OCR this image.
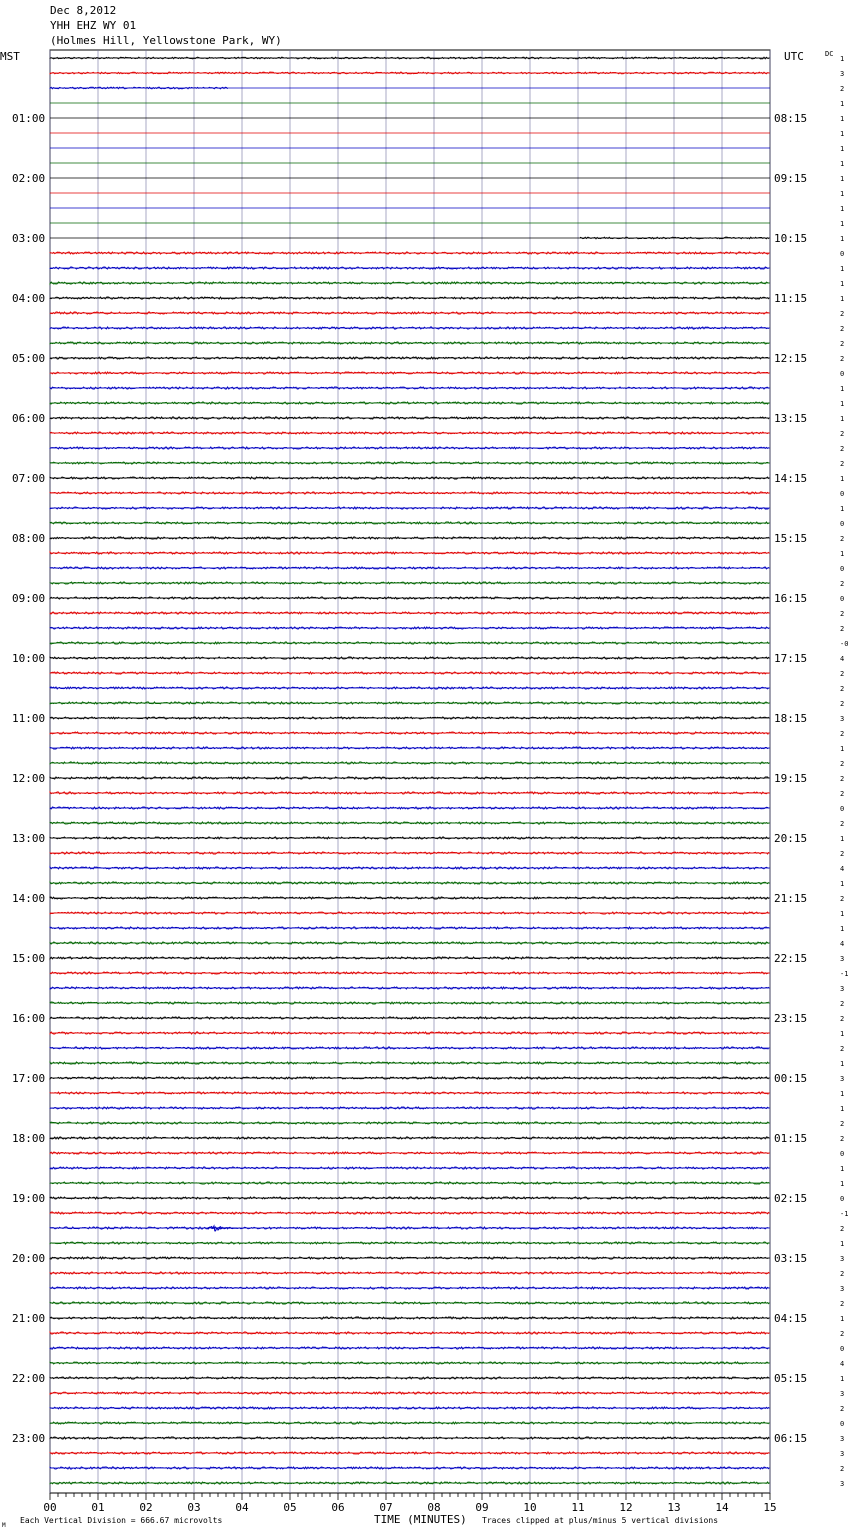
Dec 8,2012
YHH EHZ WY 01
(Holmes Hill, Yellowstone Park, WY)
MST	UTC	DC
TIME (MINUTES)
Each Vertical Division = 666.67 microvolts	Traces clipped at plus/minus 5 vertical divisions
M
01:00
02:00
03:00
04:00
05:00
06:00
07:00
08:00
09:00
10:00
11:00
12:00
13:00
14:00
15:00
16:00
17:00
18:00
19:00
20:00
21:00
22:00
23:00
08:15
09:15
10:15
11:15
12:15
13:15
14:15
15:15
16:15
17:15
18:15
19:15
20:15
21:15
22:15
23:15
00:15
01:15
02:15
03:15
04:15
05:15
06:15
1
3
2
1
1
1
1
1
1
1
1
1
1
0
1
1
1
2
2
2
2
0
1
1
1
2
2
2
1
0
1
0
2
1
0
2
0
2
2
-0
4
2
2
2
3
2
1
2
2
2
0
2
1
2
4
1
2
1
1
4
3
-1
3
2
2
1
2
1
3
1
1
2
2
0
1
1
0
-1
2
1
3
2
3
2
1
2
0
4
1
3
2
0
3
3
2
3
00	01	02	03	04	05	06	07	08	09	10	11	12	13	14	15
